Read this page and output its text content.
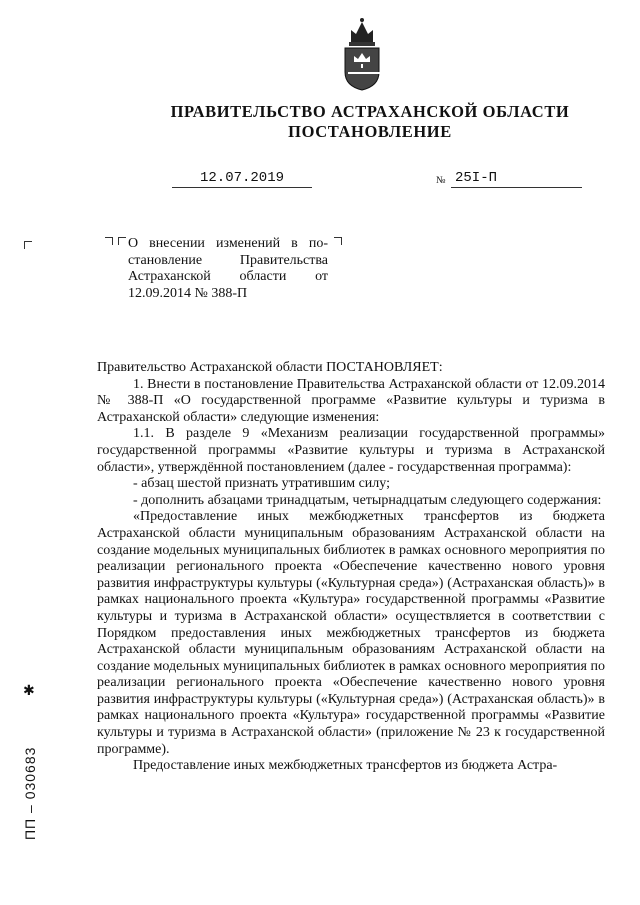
ПРАВИТЕЛЬСТВО АСТРАХАНСКОЙ ОБЛАСТИ
ПОСТАНОВЛЕНИЕ
12.07.2019	№ 25I-П
О внесении изменений в по-
становление Правительства
Астраханской области от
12.09.2014 № 388-П

Правительство Астраханской области ПОСТАНОВЛЯЕТ:

1. Внести в постановление Правительства Астраханской области от 12.09.2014 № 388-П «О государственной программе «Развитие культуры и туризма в Астраханской области» следующие изменения:

1.1. В разделе 9 «Механизм реализации государственной программы» государственной программы «Развитие культуры и туризма в Астраханской области», утверждённой постановлением (далее - государственная программа):

- абзац шестой признать утратившим силу;

- дополнить абзацами тринадцатым, четырнадцатым следующего содержания:

«Предоставление иных межбюджетных трансфертов из бюджета Астраханской области муниципальным образованиям Астраханской области на создание модельных муниципальных библиотек в рамках основного мероприятия по реализации регионального проекта «Обеспечение качественно нового уровня развития инфраструктуры культуры («Культурная среда») (Астраханская область)» в рамках национального проекта «Культура» государственной программы «Развитие культуры и туризма в Астраханской области» осуществляется в соответствии с Порядком предоставления иных межбюджетных трансфертов из бюджета Астраханской области муниципальным образованиям Астраханской области на создание модельных муниципальных библиотек в рамках основного мероприятия по реализации регионального проекта «Обеспечение качественно нового уровня развития инфраструктуры культуры («Культурная среда») (Астраханская область)» в рамках национального проекта «Культура» государственной программы «Развитие культуры и туризма в Астраханской области» (приложение № 23 к государственной программе).

Предоставление иных межбюджетных трансфертов из бюджета Астра-

✱
ПП – 030683
